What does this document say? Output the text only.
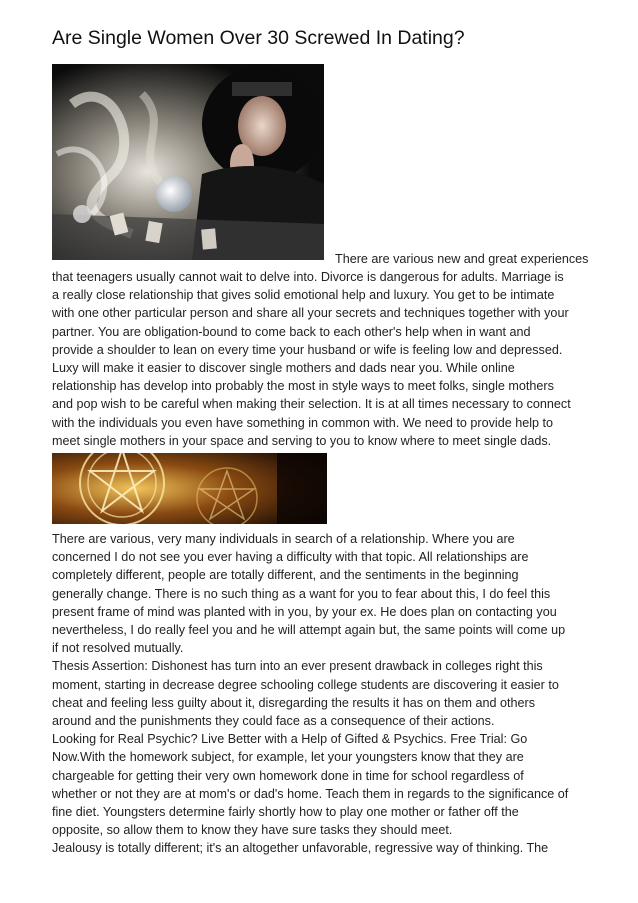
Are Single Women Over 30 Screwed In Dating?
There are various new and great experiences
that teenagers usually cannot wait to delve into. Divorce is dangerous for adults. Marriage is
a really close relationship that gives solid emotional help and luxury. You get to be intimate
with one other particular person and share all your secrets and techniques together with your
partner. You are obligation-bound to come back to each other's help when in want and
provide a shoulder to lean on every time your husband or wife is feeling low and depressed.
Luxy will make it easier to discover single mothers and dads near you. While online
relationship has develop into probably the most in style ways to meet folks, single mothers
and pop wish to be careful when making their selection. It is at all times necessary to connect
with the individuals you even have something in common with. We need to provide help to
meet single mothers in your space and serving to you to know where to meet single dads.
There are various, very many individuals in search of a relationship. Where you are
concerned I do not see you ever having a difficulty with that topic. All relationships are
completely different, people are totally different, and the sentiments in the beginning
generally change. There is no such thing as a want for you to fear about this, I do feel this
present frame of mind was planted with in you, by your ex. He does plan on contacting you
nevertheless, I do really feel you and he will attempt again but, the same points will come up
if not resolved mutually.
Thesis Assertion: Dishonest has turn into an ever present drawback in colleges right this
moment, starting in decrease degree schooling college students are discovering it easier to
cheat and feeling less guilty about it, disregarding the results it has on them and others
around and the punishments they could face as a consequence of their actions.
Looking for Real Psychic? Live Better with a Help of Gifted & Psychics. Free Trial: Go
Now.With the homework subject, for example, let your youngsters know that they are
chargeable for getting their very own homework done in time for school regardless of
whether or not they are at mom's or dad's home. Teach them in regards to the significance of
fine diet. Youngsters determine fairly shortly how to play one mother or father off the
opposite, so allow them to know they have sure tasks they should meet.
Jealousy is totally different; it's an altogether unfavorable, regressive way of thinking. The
